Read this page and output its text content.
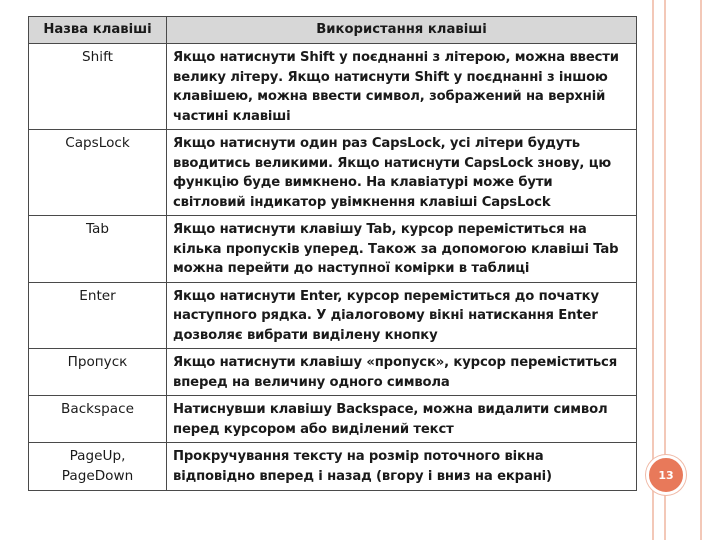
Назва клавіші	Використання клавіші
Shift	Якщо натиснути Shift у поєднанні з літерою, можна ввести велику літеру. Якщо натиснути Shift у поєднанні з іншою клавішею, можна ввести символ, зображений на верхній частині клавіші
CapsLock	Якщо натиснути один раз CapsLock, усі літери будуть вводитись великими. Якщо натиснути CapsLock знову, цю функцію буде вимкнено. На клавіатурі може бути світловий індикатор увімкнення клавіші CapsLock
Tab	Якщо натиснути клавішу Tab, курсор переміститься на кілька пропусків уперед. Також за допомогою клавіші Tab можна перейти до наступної комірки в таблиці
Enter	Якщо натиснути Enter, курсор переміститься до початку наступного рядка. У діалоговому вікні натискання Enter дозволяє вибрати виділену кнопку
Пропуск	Якщо натиснути клавішу «пропуск», курсор переміститься вперед на величину одного символа
Backspace	Натиснувши клавішу Backspace, можна видалити символ перед курсором або виділений текст
PageUp, PageDown	Прокручування тексту на розмір поточного вікна відповідно вперед і назад (вгору і вниз на екрані)	13
